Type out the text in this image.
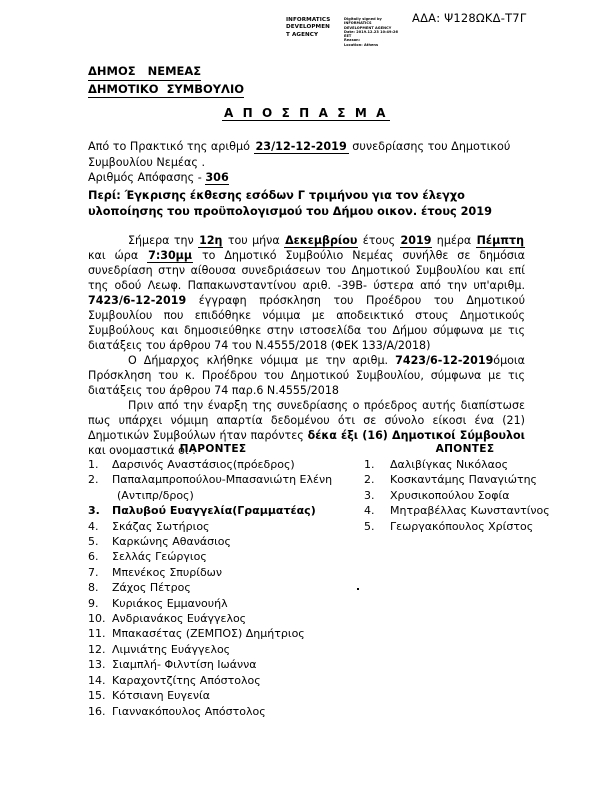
ΑΔΑ: Ψ128ΩΚΔ-Τ7Γ
INFORMATICS
DEVELOPMEN
T AGENCY
Digitally signed by
INFORMATICS
DEVELOPMENT AGENCY
Date: 2019.12.23 10:49:26
EET
Reason:
Location: Athens
ΔΗΜΟΣ   ΝΕΜΕΑΣ
ΔΗΜΟΤΙΚΟ  ΣΥΜΒΟΥΛΙΟ
Α Π Ο Σ Π Α Σ Μ Α
Από το Πρακτικό της αριθμό 23/12-12-2019 συνεδρίασης του Δημοτικού Συμβουλίου Νεμέας .
Αριθμός Απόφασης - 306
Περί: Έγκρισης έκθεσης εσόδων Γ τριμήνου για τον έλεγχο υλοποίησης του προϋπολογισμού του Δήμου οικον. έτους 2019

Σήμερα την 12η του μήνα Δεκεμβρίου έτους 2019 ημέρα Πέμπτη και ώρα 7:30μμ το Δημοτικό Συμβούλιο Νεμέας συνήλθε σε δημόσια συνεδρίαση στην αίθουσα συνεδριάσεων του Δημοτικού Συμβουλίου και επί της οδού Λεωφ. Παπακωνσταντίνου αριθ. -39Β- ύστερα από την υπ'αριθμ. 7423/6-12-2019 έγγραφη πρόσκληση του Προέδρου του Δημοτικού Συμβουλίου που επιδόθηκε νόμιμα με αποδεικτικό στους Δημοτικούς Συμβούλους και δημοσιεύθηκε στην ιστοσελίδα του Δήμου σύμφωνα με τις διατάξεις του άρθρου 74 του Ν.4555/2018 (ΦΕΚ 133/Α/2018)

Ο Δήμαρχος κλήθηκε νόμιμα με την αριθμ. 7423/6-12-2019όμοια Πρόσκληση του κ. Προέδρου του Δημοτικού Συμβουλίου, σύμφωνα με τις διατάξεις του άρθρου 74 παρ.6 Ν.4555/2018

Πριν από την έναρξη της συνεδρίασης ο πρόεδρος αυτής διαπίστωσε πως υπάρχει νόμιμη απαρτία δεδομένου ότι σε σύνολο είκοσι ένα (21) Δημοτικών Συμβούλων ήταν παρόντες δέκα έξι (16) Δημοτικοί Σύμβουλοι και ονομαστικά οι :

ΠΑΡΟΝΤΕΣ
1.	Δαρσινός Αναστάσιος(πρόεδρος)
2.	Παπαλαμπροπούλου-Μπασανιώτη Ελένη
(Αντιπρ/δρος)
3.	Παλυβού Ευαγγελία(Γραμματέας)
4.	Σκάζας Σωτήριος
5.	Καρκώνης Αθανάσιος
6.	Σελλάς Γεώργιος
7.	Μπενέκος Σπυρίδων
8.	Ζάχος Πέτρος
9.	Κυριάκος Εμμανουήλ
10. Ανδριανάκος Ευάγγελος
11. Μπακασέτας (ΖΕΜΠΟΣ) Δημήτριος
12. Λιμνιάτης Ευάγγελος
13. Σιαμπλή- Φιλντίση Ιωάννα
14. Καραχοντζίτης Απόστολος
15. Κότσιανη Ευγενία
16. Γιαννακόπουλος Απόστολος
ΑΠΟΝΤΕΣ
1.	Δαλιβίγκας Νικόλαος
2.	Κοσκαντάμης Παναγιώτης
3.	Χρυσικοπούλου Σοφία
4.	Μητραβέλλας Κωνσταντίνος
5.	Γεωργακόπουλος Χρίστος
